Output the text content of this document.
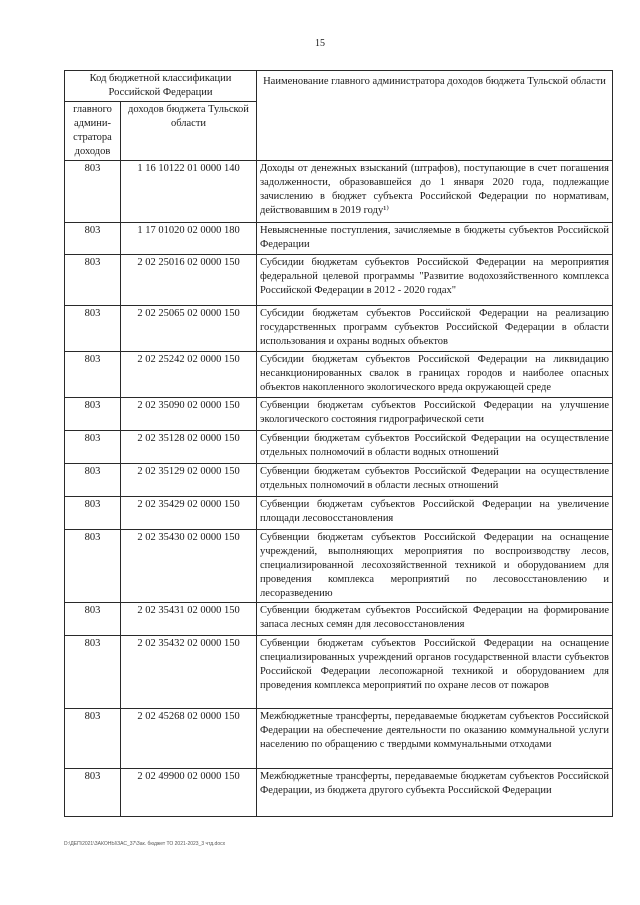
15
Код бюджетной классификации Российской Федерации		Наименование главного администратора доходов бюджета Тульской области
главного админи-стратора доходов	доходов бюджета Тульской области	
803	1 16 10122 01 0000 140	Доходы от денежных взысканий (штрафов), поступающие в счет погашения задолженности, образовавшейся до 1 января 2020 года, подлежащие зачислению в бюджет субъекта Российской Федерации по нормативам, действовавшим в 2019 году¹⁾
803	1 17 01020 02 0000 180	Невыясненные поступления, зачисляемые в бюджеты субъектов Российской Федерации
803	2 02 25016 02 0000 150	Субсидии бюджетам субъектов Российской Федерации на мероприятия федеральной целевой программы "Развитие водохозяйственного комплекса Российской Федерации в 2012 - 2020 годах"
803	2 02 25065 02 0000 150	Субсидии бюджетам субъектов Российской Федерации на реализацию государственных программ субъектов Российской Федерации в области использования и охраны водных объектов
803	2 02 25242 02 0000 150	Субсидии бюджетам субъектов Российской Федерации на ликвидацию несанкционированных свалок в границах городов и наиболее опасных объектов накопленного экологического вреда окружающей среде
803	2 02 35090 02 0000 150	Субвенции бюджетам субъектов Российской Федерации на улучшение экологического состояния гидрографической сети
803	2 02 35128 02 0000 150	Субвенции бюджетам субъектов Российской Федерации на осуществление отдельных полномочий в области водных отношений
803	2 02 35129 02 0000 150	Субвенции бюджетам субъектов Российской Федерации на осуществление отдельных полномочий в области лесных отношений
803	2 02 35429 02 0000 150	Субвенции бюджетам субъектов Российской Федерации на увеличение площади лесовосстановления
803	2 02 35430 02 0000 150	Субвенции бюджетам субъектов Российской Федерации на оснащение учреждений, выполняющих мероприятия по воспроизводству лесов, специализированной лесохозяйственной техникой и оборудованием для проведения комплекса мероприятий по лесовосстановлению и лесоразведению
803	2 02 35431 02 0000 150	Субвенции бюджетам субъектов Российской Федерации на формирование запаса лесных семян для лесовосстановления
803	2 02 35432 02 0000 150	Субвенции бюджетам субъектов Российской Федерации на оснащение специализированных учреждений органов государственной власти субъектов Российской Федерации лесопожарной техникой и оборудованием для проведения комплекса мероприятий по охране лесов от пожаров
803	2 02 45268 02 0000 150	Межбюджетные трансферты, передаваемые бюджетам субъектов Российской Федерации на обеспечение деятельности по оказанию коммунальной услуги населению по обращению с твердыми коммунальными отходами
803	2 02 49900 02 0000 150	Межбюджетные трансферты, передаваемые бюджетам субъектов Российской Федерации, из бюджета другого субъекта Российской Федерации
D:\ДЕП\2021\ЗАКОНЫ\ЗАС_37\Зак. бюджет ТО 2021-2023_3 чтд.docx
